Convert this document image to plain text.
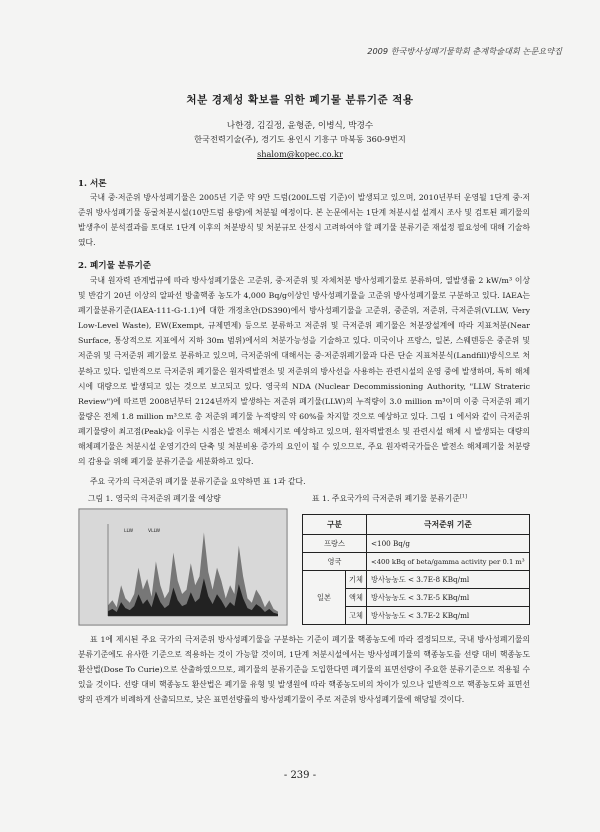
2009 한국방사성폐기물학회 춘계학술대회 논문요약집
처분 경제성 확보를 위한 폐기물 분류기준 적용
나한경, 김길정, 윤형준, 이병식, 박경수
한국전력기술(주), 경기도 용인시 기흥구 마북동 360-9번지
shalom@kopec.co.kr
1. 서론
국내 중·저준위 방사성폐기물은 2005년 기준 약 9만 드럼(200L드럼 기준)이 발생되고 있으며, 2010년부터 운영될 1단계 중·저준위 방사성폐기물 동굴처분시설(10만드럼 용량)에 처분될 예정이다. 본 논문에서는 1단계 처분시설 설계시 조사 및 검토된 폐기물의 발생추이 분석결과를 토대로 1단계 이후의 처분방식 및 처분규모 산정시 고려하여야 할 폐기물 분류기준 재설정 필요성에 대해 기술하였다.
2. 폐기물 분류기준
국내 원자력 관계법규에 따라 방사성폐기물은 고준위, 중·저준위 및 자체처분 방사성폐기물로 분류하며, 열발생률 2 kW/m³ 이상 및 반감기 20년 이상의 알파선 방출핵종 농도가 4,000 Bq/g이상인 방사성폐기물을 고준위 방사성폐기물로 구분하고 있다. IAEA는 폐기물분류기준(IAEA-111-G-1.1)에 대한 개정초안(DS390)에서 방사성폐기물을 고준위, 중준위, 저준위, 극저준위(VLLW, Very Low-Level Waste), EW(Exempt, 규제면제) 등으로 분류하고 저준위 및 극저준위 폐기물은 처분장설계에 따라 지표처분(Near Surface, 통상적으로 지표에서 지하 30m 범위)에서의 처분가능성을 기술하고 있다. 미국이나 프랑스, 일본, 스웨덴등은 중준위 및 저준위 및 극저준위 폐기물로 분류하고 있으며, 극저준위에 대해서는 중·저준위폐기물과 다른 단순 지표처분식(Landfill)방식으로 처분하고 있다. 일반적으로 극저준위 폐기물은 원자력발전소 및 저준위의 방사선을 사용하는 관련시설의 운영 중에 발생하며, 특히 해체시에 대량으로 발생되고 있는 것으로 보고되고 있다. 영국의 NDA (Nuclear Decommissioning Authority, "LLW Strateric Review")에 따르면 2008년부터 2124년까지 발생하는 저준위 폐기물(LLW)의 누적량이 3.0 million m³이며 이중 극저준위 폐기물량은 전체 1.8 million m³으로 총 저준위 폐기물 누적량의 약 60%를 차지할 것으로 예상하고 있다. 그림 1 에서와 같이 극저준위 폐기물량이 최고점(Peak)을 이루는 시점은 발전소 해체시기로 예상하고 있으며, 원자력발전소 및 관련시설 해체 시 발생되는 대량의 해체폐기물은 처분시설 운영기간의 단축 및 처분비용 증가의 요인이 될 수 있으므로, 주요 원자력국가들은 발전소 해체폐기물 처분량의 감용을 위해 폐기물 분류기준을 세분화하고 있다.
주요 국가의 극저준위 폐기물 분류기준을 요약하면 표 1과 같다.
그림 1. 영국의 극저준위 폐기물 예상량	표 1. 주요국가의 극저준위 폐기물 분류기준[1]
LLW	VLLW
구분		극저준위 기준
프랑스		<100 Bq/g
영국		<400 kBq of beta/gamma activity per 0.1 m³
일본	기체	방사능농도 < 3.7E-8 KBq/ml
	액체	방사능농도 < 3.7E-5 KBq/ml
	고체	방사능농도 < 3.7E-2 KBq/ml
표 1에 제시된 주요 국가의 극저준위 방사성폐기물을 구분하는 기준이 폐기물 핵종농도에 따라 결정되므로, 국내 방사성폐기물의 분류기준에도 유사한 기준으로 적용하는 것이 가능할 것이며, 1단계 처분시설에서는 방사성폐기물의 핵종농도를 선량 대비 핵종농도 환산법(Dose To Curie)으로 산출하였으므로, 폐기물의 분류기준을 도입한다면 폐기물의 표면선량이 주요한 분류기준으로 적용될 수 있을 것이다. 선량 대비 핵종농도 환산법은 폐기물 유형 및 발생원에 따라 핵종농도비의 차이가 있으나 일반적으로 핵종농도와 표면선량의 관계가 비례하게 산출되므로, 낮은 표면선량률의 방사성폐기물이 주로 저준위 방사성폐기물에 해당될 것이다.
- 239 -
